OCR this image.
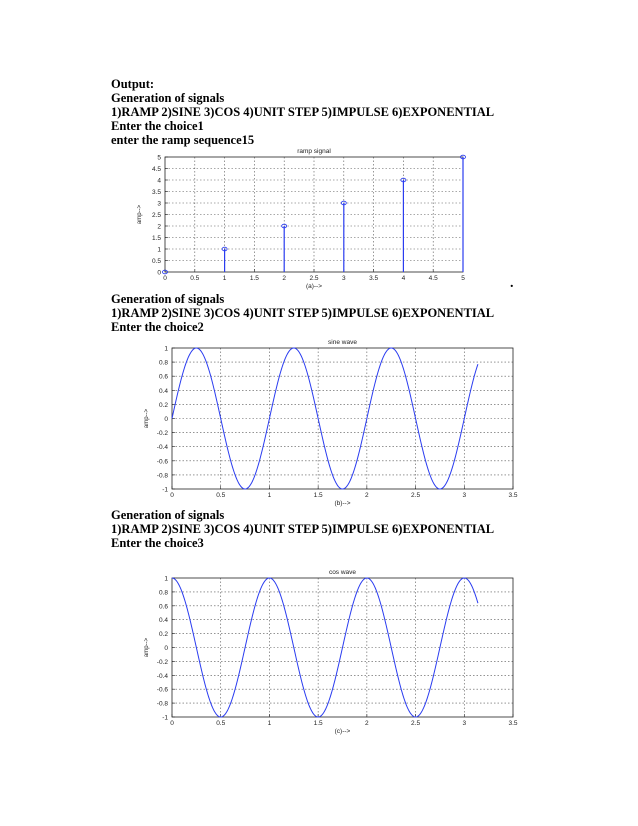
Output:
Generation of signals
1)RAMP 2)SINE 3)COS 4)UNIT STEP 5)IMPULSE 6)EXPONENTIAL
Enter the choice1
enter the ramp sequence15
.
Generation of signals
1)RAMP 2)SINE 3)COS 4)UNIT STEP 5)IMPULSE 6)EXPONENTIAL
Enter the choice2
Generation of signals
1)RAMP 2)SINE 3)COS 4)UNIT STEP 5)IMPULSE 6)EXPONENTIAL
Enter the choice3
0	0.5	1	1.5	2	2.5	3	3.5	4	4.5	5
0
0.5
1
1.5
2
2.5
3
3.5
4
4.5
5
ramp signal
(a)-->
amp-->
0	0.5	1	1.5	2	2.5	3	3.5
-1
-0.8
-0.6
-0.4
-0.2
0
0.2
0.4
0.6
0.8
1
sine wave
(b)-->
amp-->
0	0.5	1	1.5	2	2.5	3	3.5
-1
-0.8
-0.6
-0.4
-0.2
0
0.2
0.4
0.6
0.8
1
cos wave
(c)-->
amp-->
